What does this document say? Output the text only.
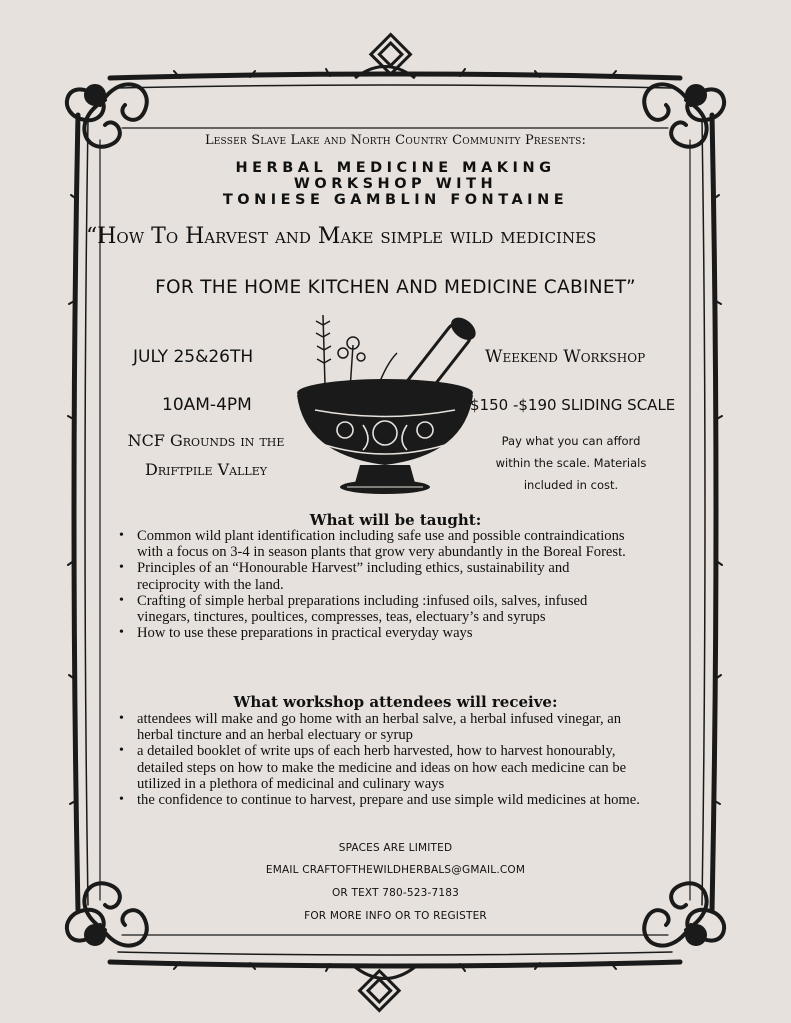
Lesser Slave Lake and North Country Community Presents:
HERBAL MEDICINE MAKING
WORKSHOP WITH
TONIESE GAMBLIN FONTAINE
“How To Harvest and Make simple wild medicines
FOR THE HOME KITCHEN AND MEDICINE CABINET”
JULY 25&26TH
10AM-4PM
NCF Grounds in the
Driftpile Valley
Weekend Workshop
$150 -$190 SLIDING SCALE
Pay what you can afford
within the scale. Materials
included in cost.
What will be taught:
• Common wild plant identification including safe use and possible contraindications with a focus on 3-4 in season plants that grow very abundantly in the Boreal Forest.
• Principles of an “Honourable Harvest” including ethics, sustainability and reciprocity with the land.
• Crafting of simple herbal preparations including :infused oils, salves, infused vinegars, tinctures, poultices, compresses, teas, electuary’s and syrups
• How to use these preparations in practical everyday ways
What workshop attendees will receive:
• attendees will make and go home with an herbal salve, a herbal infused vinegar, an herbal tincture and an herbal electuary or syrup
• a detailed booklet of write ups of each herb harvested, how to harvest honourably, detailed steps on how to make the medicine and ideas on how each medicine can be utilized in a plethora of medicinal and culinary ways
• the confidence to continue to harvest, prepare and use simple wild medicines at home.
SPACES ARE LIMITED
EMAIL CRAFTOFTHEWILDHERBALS@GMAIL.COM
OR TEXT 780-523-7183
FOR MORE INFO OR TO REGISTER
